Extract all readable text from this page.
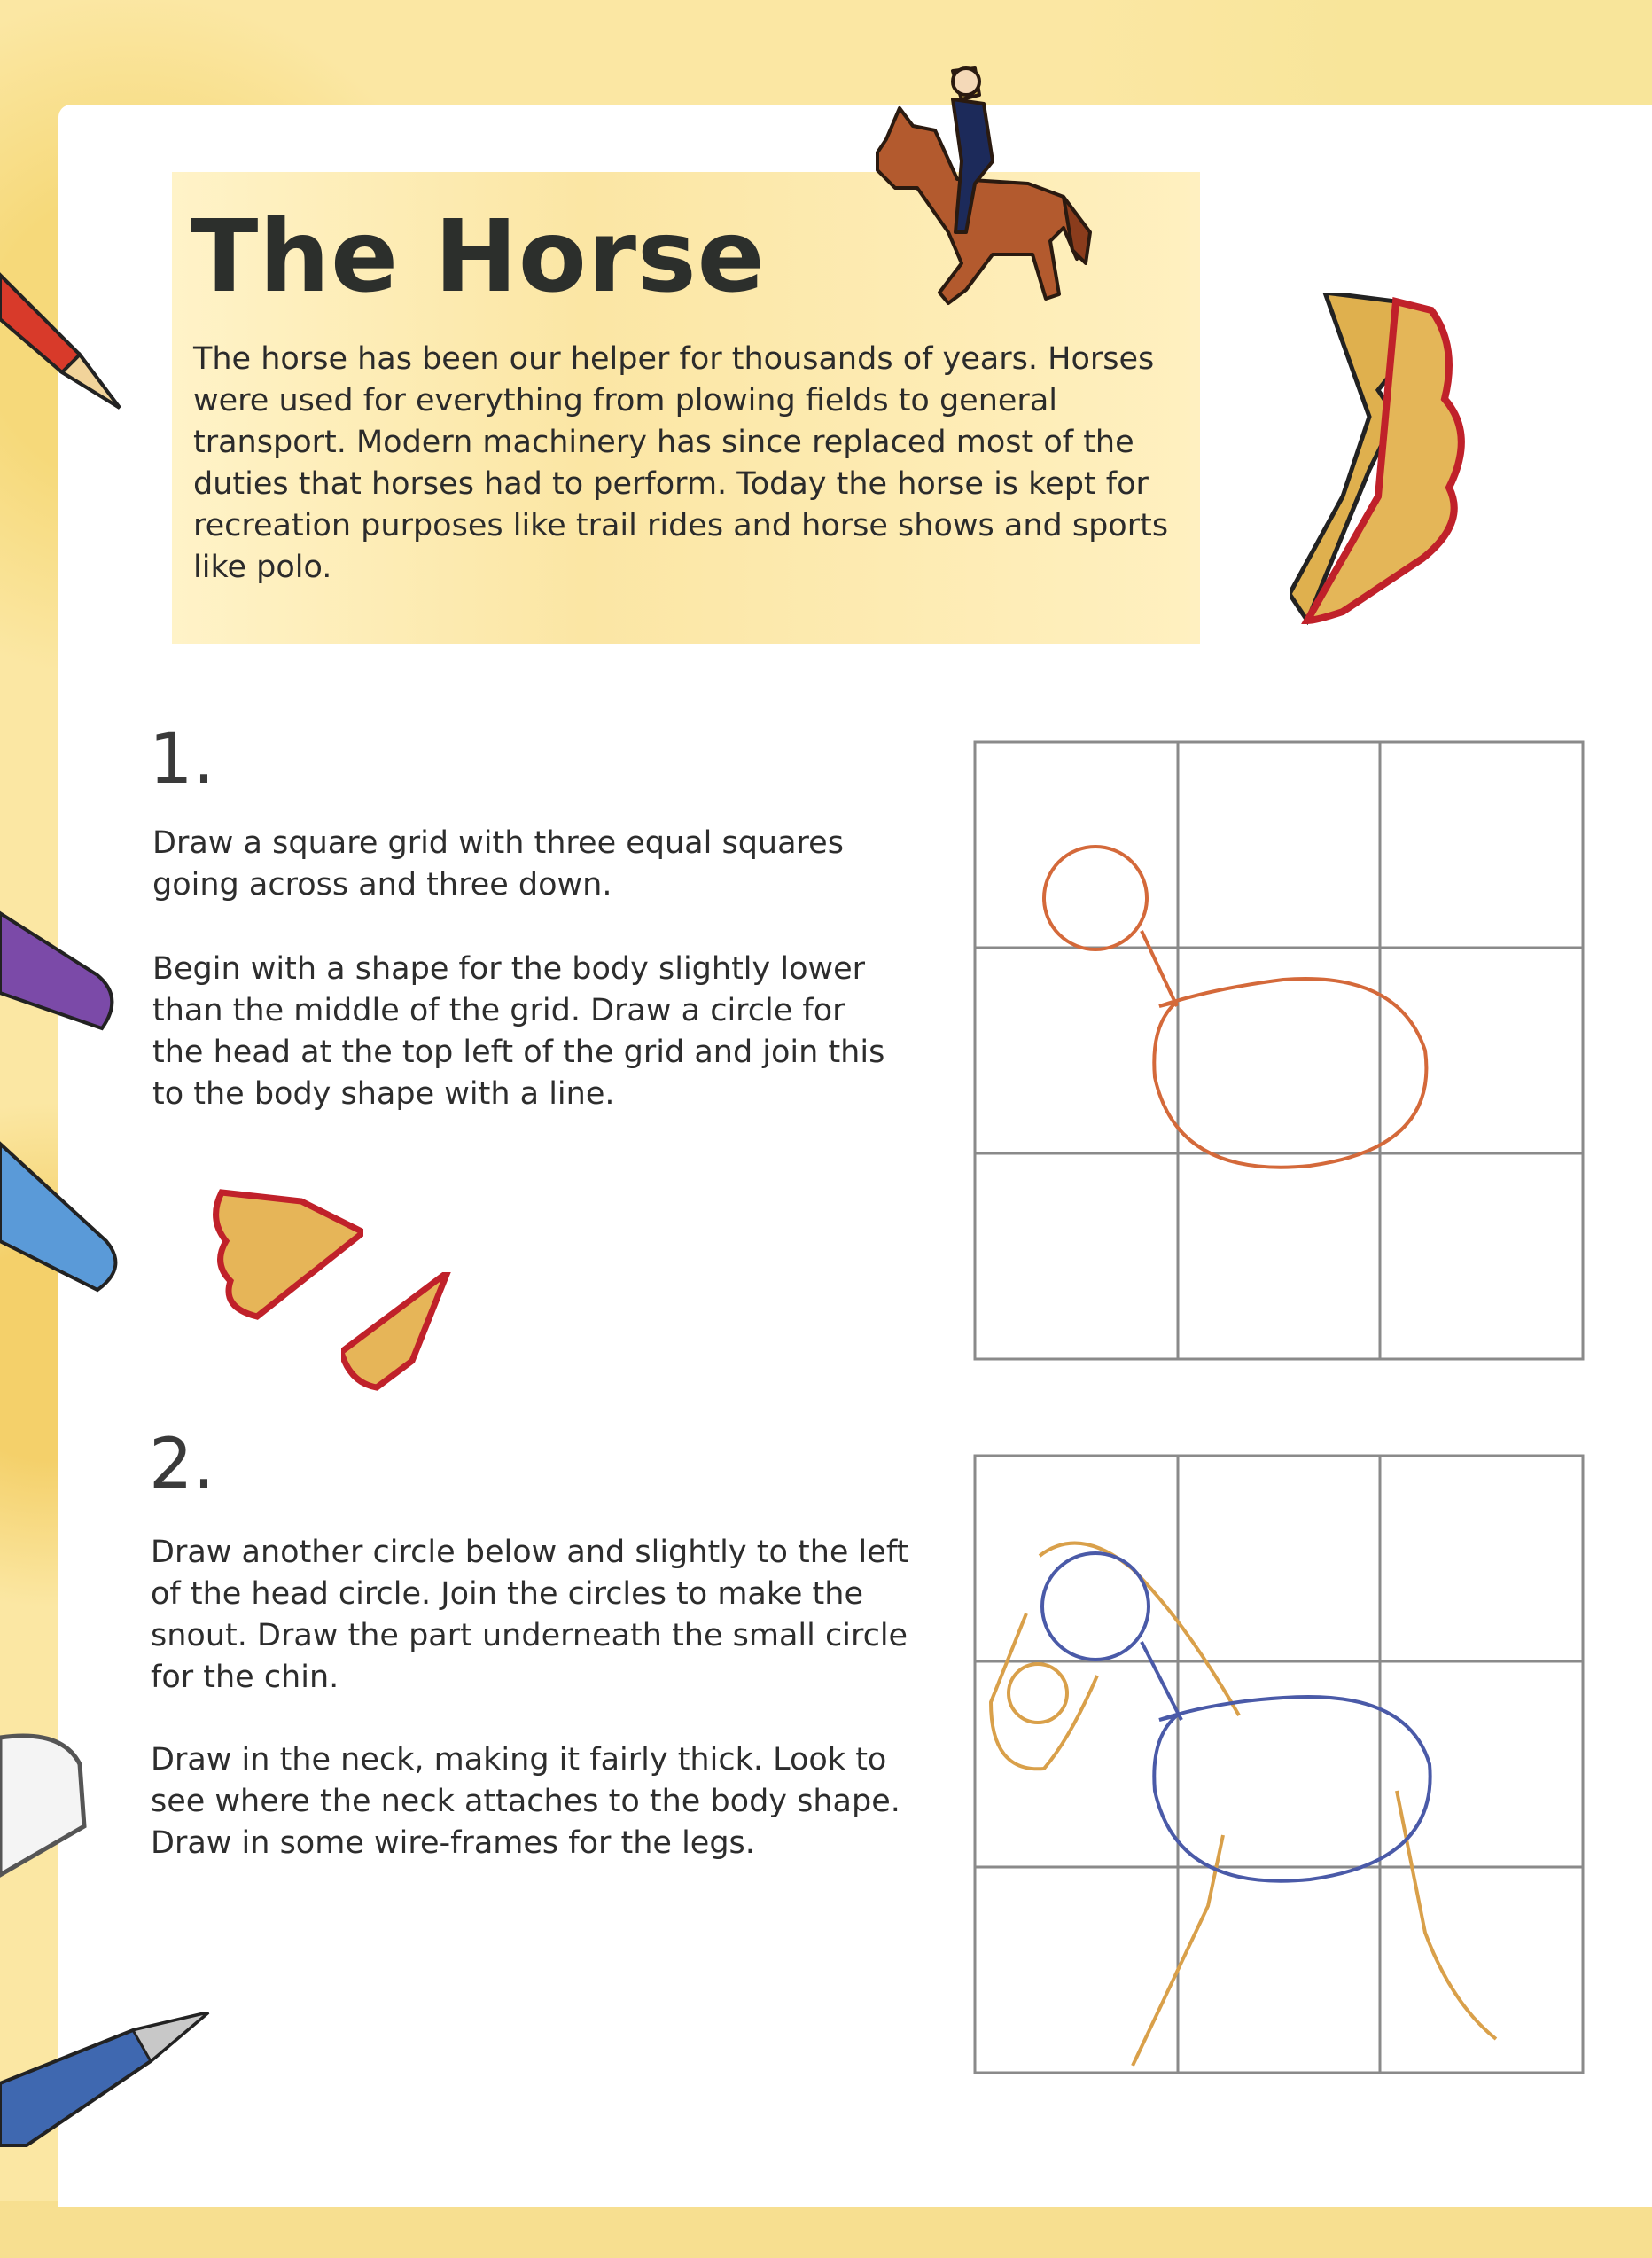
The Horse

The horse has been our helper for thousands of years. Horses were used for everything from plowing fields to general transport. Modern machinery has since replaced most of the duties that horses had to perform. Today the horse is kept for recreation purposes like trail rides and horse shows and sports like polo.

1.

Draw a square grid with three equal squares going across and three down.

Begin with a shape for the body slightly lower than the middle of the grid. Draw a circle for the head at the top left of the grid and join this to the body shape with a line.

2.

Draw another circle below and slightly to the left of the head circle. Join the circles to make the snout. Draw the part underneath the small circle for the chin.

Draw in the neck, making it fairly thick. Look to see where the neck attaches to the body shape. Draw in some wire-frames for the legs.
